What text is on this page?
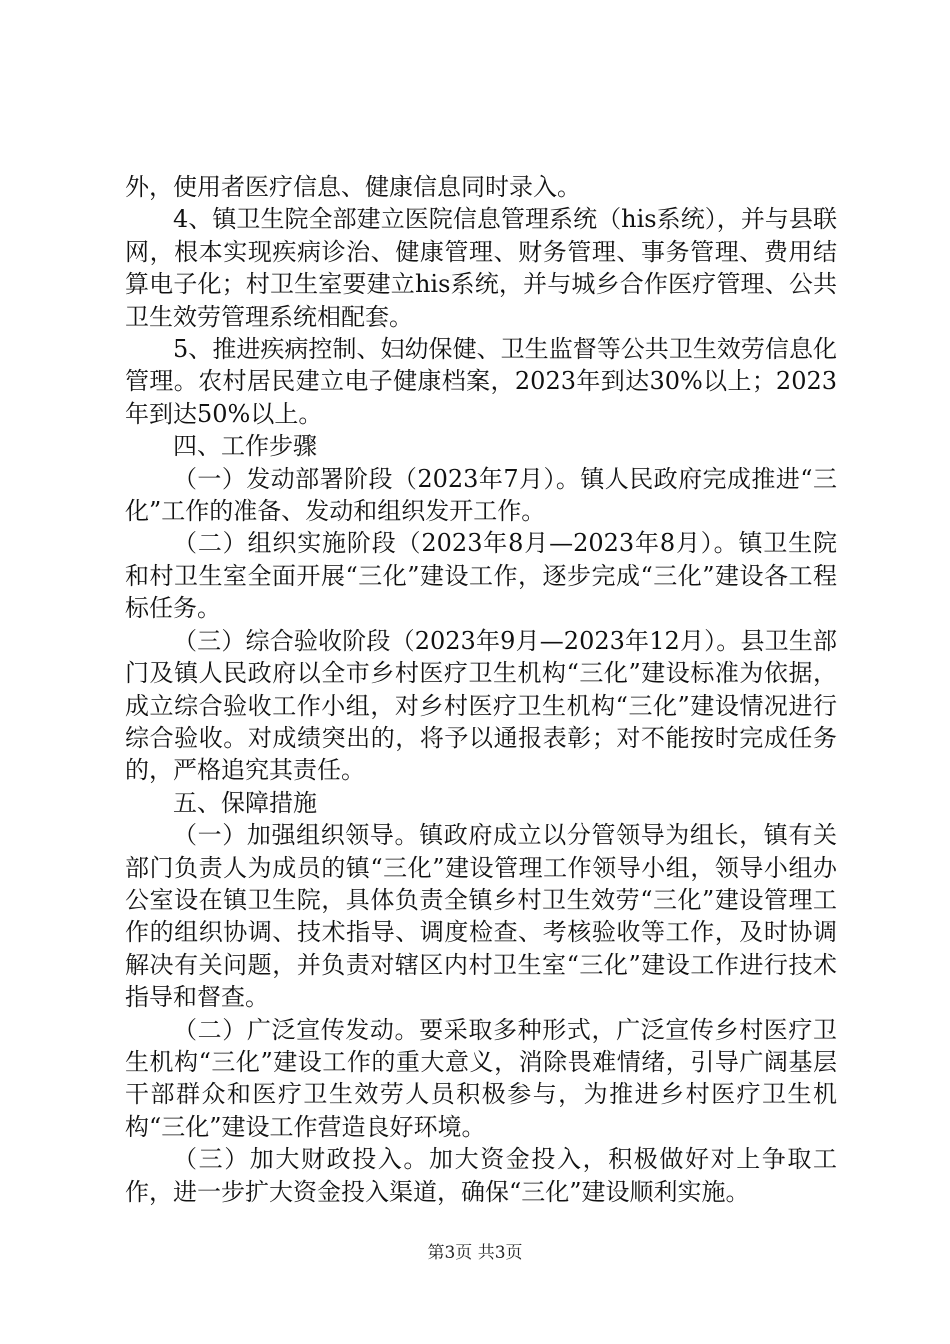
外，使用者医疗信息、健康信息同时录入。

4、镇卫生院全部建立医院信息管理系统（his系统），并与县联网，根本实现疾病诊治、健康管理、财务管理、事务管理、费用结算电子化；村卫生室要建立his系统，并与城乡合作医疗管理、公共卫生效劳管理系统相配套。

5、推进疾病控制、妇幼保健、卫生监督等公共卫生效劳信息化管理。农村居民建立电子健康档案，2023年到达30%以上；2023年到达50%以上。

四、工作步骤

（一）发动部署阶段（2023年7月）。镇人民政府完成推进“三化”工作的准备、发动和组织发开工作。

（二）组织实施阶段（2023年8月—2023年8月）。镇卫生院和村卫生室全面开展“三化”建设工作，逐步完成“三化”建设各工程标任务。

（三）综合验收阶段（2023年9月—2023年12月）。县卫生部门及镇人民政府以全市乡村医疗卫生机构“三化”建设标准为依据，成立综合验收工作小组，对乡村医疗卫生机构“三化”建设情况进行综合验收。对成绩突出的，将予以通报表彰；对不能按时完成任务的，严格追究其责任。

五、保障措施

（一）加强组织领导。镇政府成立以分管领导为组长，镇有关部门负责人为成员的镇“三化”建设管理工作领导小组，领导小组办公室设在镇卫生院，具体负责全镇乡村卫生效劳“三化”建设管理工作的组织协调、技术指导、调度检查、考核验收等工作，及时协调解决有关问题，并负责对辖区内村卫生室“三化”建设工作进行技术指导和督查。

（二）广泛宣传发动。要采取多种形式，广泛宣传乡村医疗卫生机构“三化”建设工作的重大意义，消除畏难情绪，引导广阔基层干部群众和医疗卫生效劳人员积极参与，为推进乡村医疗卫生机构“三化”建设工作营造良好环境。

（三）加大财政投入。加大资金投入，积极做好对上争取工作，进一步扩大资金投入渠道，确保“三化”建设顺利实施。

第3页 共3页
